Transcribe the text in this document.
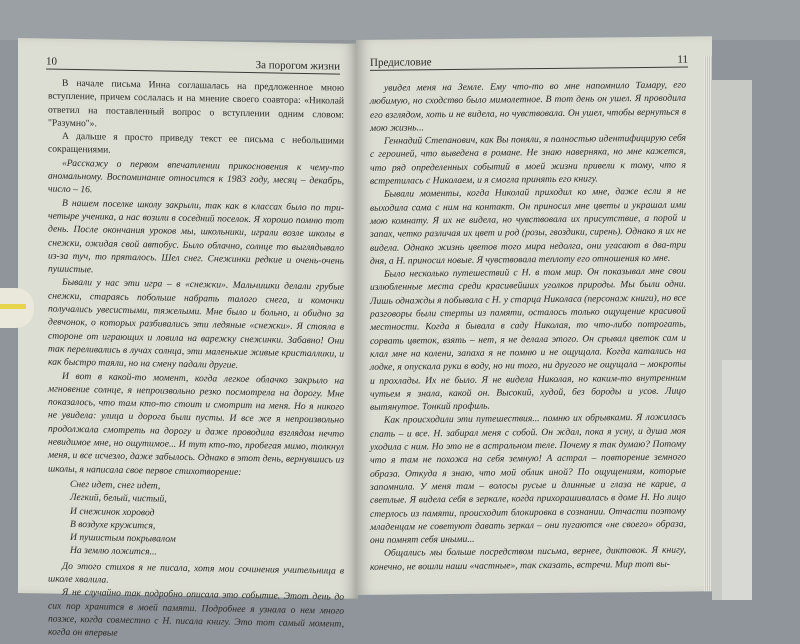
10	За порогом жизни

В начале письма Инна соглашалась на предложенное мною вступление, причем сослалась и на мнение своего соавтора: «Николай ответил на поставленный вопрос о вступлении одним словом: "Разумно"».

А дальше я просто приведу текст ее письма с небольшими сокращениями.

«Расскажу о первом впечатлении прикосновения к чему-то аномальному. Воспоминание относится к 1983 году, месяц – декабрь, число – 16.

В нашем поселке школу закрыли, так как в классах было по три-четыре ученика, а нас возили в соседний поселок. Я хорошо помню тот день. После окончания уроков мы, школьники, играли возле школы в снежки, ожидая свой автобус. Было облачно, солнце то выглядывало из-за туч, то пряталось. Шел снег. Снежинки редкие и очень-очень пушистые.

Бывали у нас эти игра – в «снежки». Мальчишки делали грубые снежки, стараясь побольше набрать талого снега, и комочки получались увесистыми, тяжелыми. Мне было и больно, и обидно за девчонок, о которых разбивались эти ледяные «снежки». Я стояла в стороне от играющих и ловила на варежку снежинки. Забавно! Они так переливались в лучах солнца, эти маленькие живые кристаллики, и как быстро таяли, но на смену падали другие.

И вот в какой-то момент, когда легкое облачко закрыло на мгновение солнце, я непроизвольно резко посмотрела на дорогу. Мне показалось, что там кто-то стоит и смотрит на меня. Но я никого не увидела: улица и дорога были пусты. И все же я непроизвольно продолжала смотреть на дорогу и даже проводила взглядом нечто невидимое мне, но ощутимое... И тут кто-то, пробегая мимо, толкнул меня, и все исчезло, даже забылось. Однако в этот день, вернувшись из школы, я написала свое первое стихотворение:

Снег идет, снег идет,
Легкий, белый, чистый,
И снежинок хоровод
В воздухе кружится,
И пушистым покрывалом
На землю ложится...

До этого стихов я не писала, хотя мои сочинения учительница в школе хвалила.

Я не случайно так подробно описала это событие. Этот день до сих пор хранится в моей памяти. Подробнее я узнала о нем много позже, когда совместно с Н. писала книгу. Это тот самый момент, когда он впервые

Предисловие	11

увидел меня на Земле. Ему что-то во мне напомнило Тамару, его любимую, но сходство было мимолетное. В тот день он ушел. Я проводила его взглядом, хоть и не видела, но чувствовала. Он ушел, чтобы вернуться в мою жизнь...

Геннадий Степанович, как Вы поняли, я полностью идентифицирую себя с героиней, что выведена в романе. Не знаю наверняка, но мне кажется, что ряд определенных событий в моей жизни привели к тому, что я встретилась с Николаем, и я смогла принять его книгу.

Бывали моменты, когда Николай приходил ко мне, даже если я не выходила сама с ним на контакт. Он приносил мне цветы и украшал ими мою комнату. Я их не видела, но чувствовала их присутствие, а порой и запах, четко различая их цвет и род (розы, гвоздики, сирень). Однако я их не видела. Однако жизнь цветов того мира недолга, они угасают в два-три дня, а Н. приносил новые. Я чувствовала теплоту его отношения ко мне.

Было несколько путешествий с Н. в том мир. Он показывал мне свои излюбленные места среди красивейших уголков природы. Мы были одни. Лишь однажды я побывала с Н. у старца Николаса (персонаж книги), но все разговоры были стерты из памяти, осталось только ощущение красивой местности. Когда я бывала в саду Николая, то что-либо потрогать, сорвать цветок, взять – нет, я не делала этого. Он срывал цветок сам и клал мне на колени, запаха я не помню и не ощущала. Когда катались на лодке, я опускала руки в воду, но ни того, ни другого не ощущала – мокроты и прохлады. Их не было. Я не видела Николая, но каким-то внутренним чутьем я знала, какой он. Высокий, худой, без бороды и усов. Лицо вытянутое. Тонкий профиль.

Как происходили эти путешествия... помню их обрывками. Я ложилась спать – и все. Н. забирал меня с собой. Он ждал, пока я усну, и душа моя уходила с ним. Но это не в астральном теле. Почему я так думаю? Потому что я там не похожа на себя земную! А астрал – повторение земного образа. Откуда я знаю, что мой облик иной? По ощущениям, которые запомнила. У меня там – волосы русые и длинные и глаза не карие, а светлые. Я видела себя в зеркале, когда прихорашивалась в доме Н. Но лицо стерлось из памяти, происходит блокировка в сознании. Отчасти поэтому младенцам не советуют давать зеркал – они пугаются «не своего» образа, они помнят себя иными...

Общались мы больше посредством письма, вернее, диктовок. Я книгу, конечно, не вошли наши «частные», так сказать, встречи. Мир тот вы-
